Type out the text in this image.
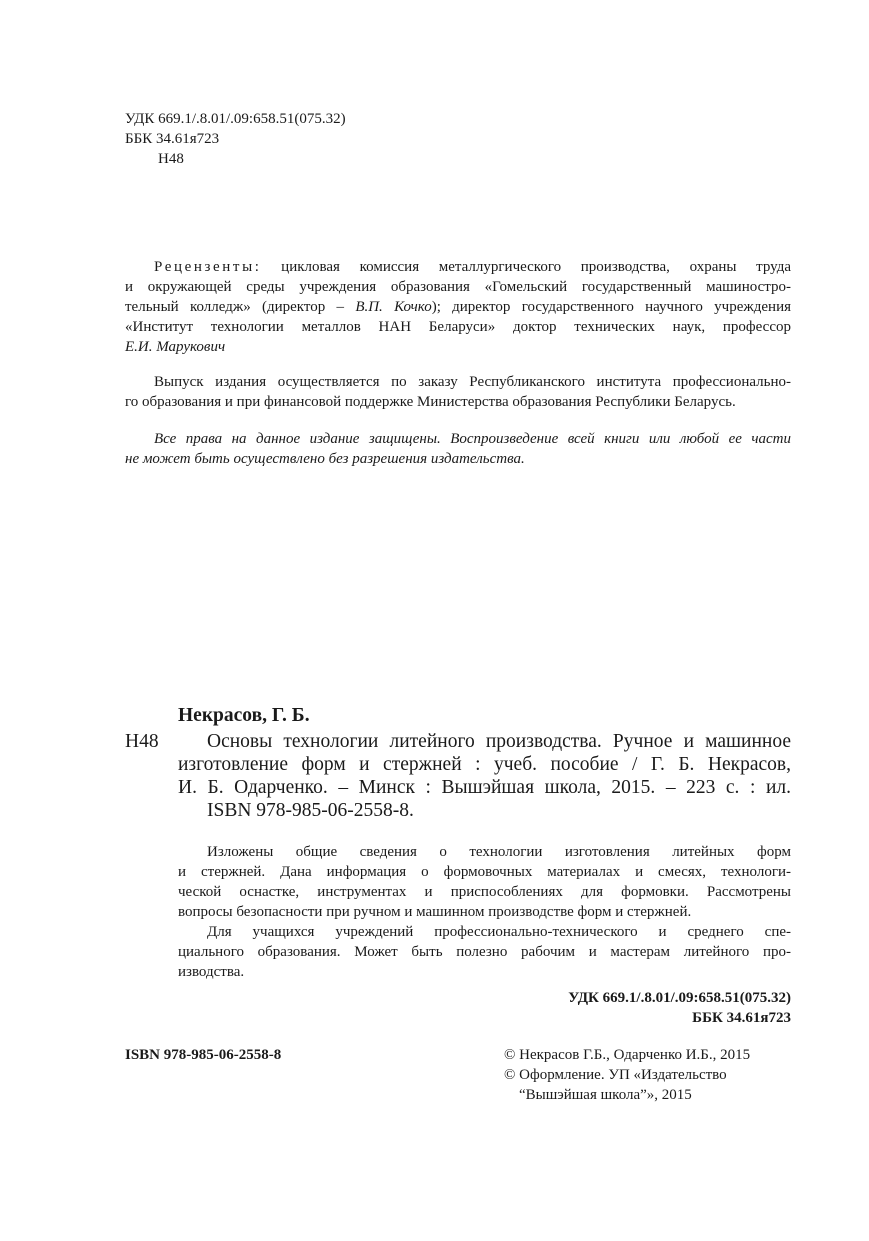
УДК 669.1/.8.01/.09:658.51(075.32)
ББК 34.61я723
Н48
Рецензенты: цикловая комиссия металлургического производства, охраны труда
и окружающей среды учреждения образования «Гомельский государственный машиностро-
тельный колледж» (директор – В.П. Кочко); директор государственного научного учреждения
«Институт технологии металлов НАН Беларуси» доктор технических наук, профессор
Е.И. Марукович
Выпуск издания осуществляется по заказу Республиканского института профессионально-
го образования и при финансовой поддержке Министерства образования Республики Беларусь.
Все права на данное издание защищены. Воспроизведение всей книги или любой ее части
не может быть осуществлено без разрешения издательства.
Некрасов, Г. Б.
Н48	Основы технологии литейного производства. Ручное и машинное
изготовление форм и стержней : учеб. пособие / Г. Б. Некрасов,
И. Б. Одарченко. – Минск : Вышэйшая школа, 2015. – 223 с. : ил.
ISBN 978-985-06-2558-8.
Изложены общие сведения о технологии изготовления литейных форм
и стержней. Дана информация о формовочных материалах и смесях, технологи-
ческой оснастке, инструментах и приспособлениях для формовки. Рассмотрены
вопросы безопасности при ручном и машинном производстве форм и стержней.
Для учащихся учреждений профессионально-технического и среднего спе-
циального образования. Может быть полезно рабочим и мастерам литейного про-
изводства.
УДК 669.1/.8.01/.09:658.51(075.32)
ББК 34.61я723
ISBN 978-985-06-2558-8	© Некрасов Г.Б., Одарченко И.Б., 2015
© Оформление. УП «Издательство
“Вышэйшая школа”», 2015
